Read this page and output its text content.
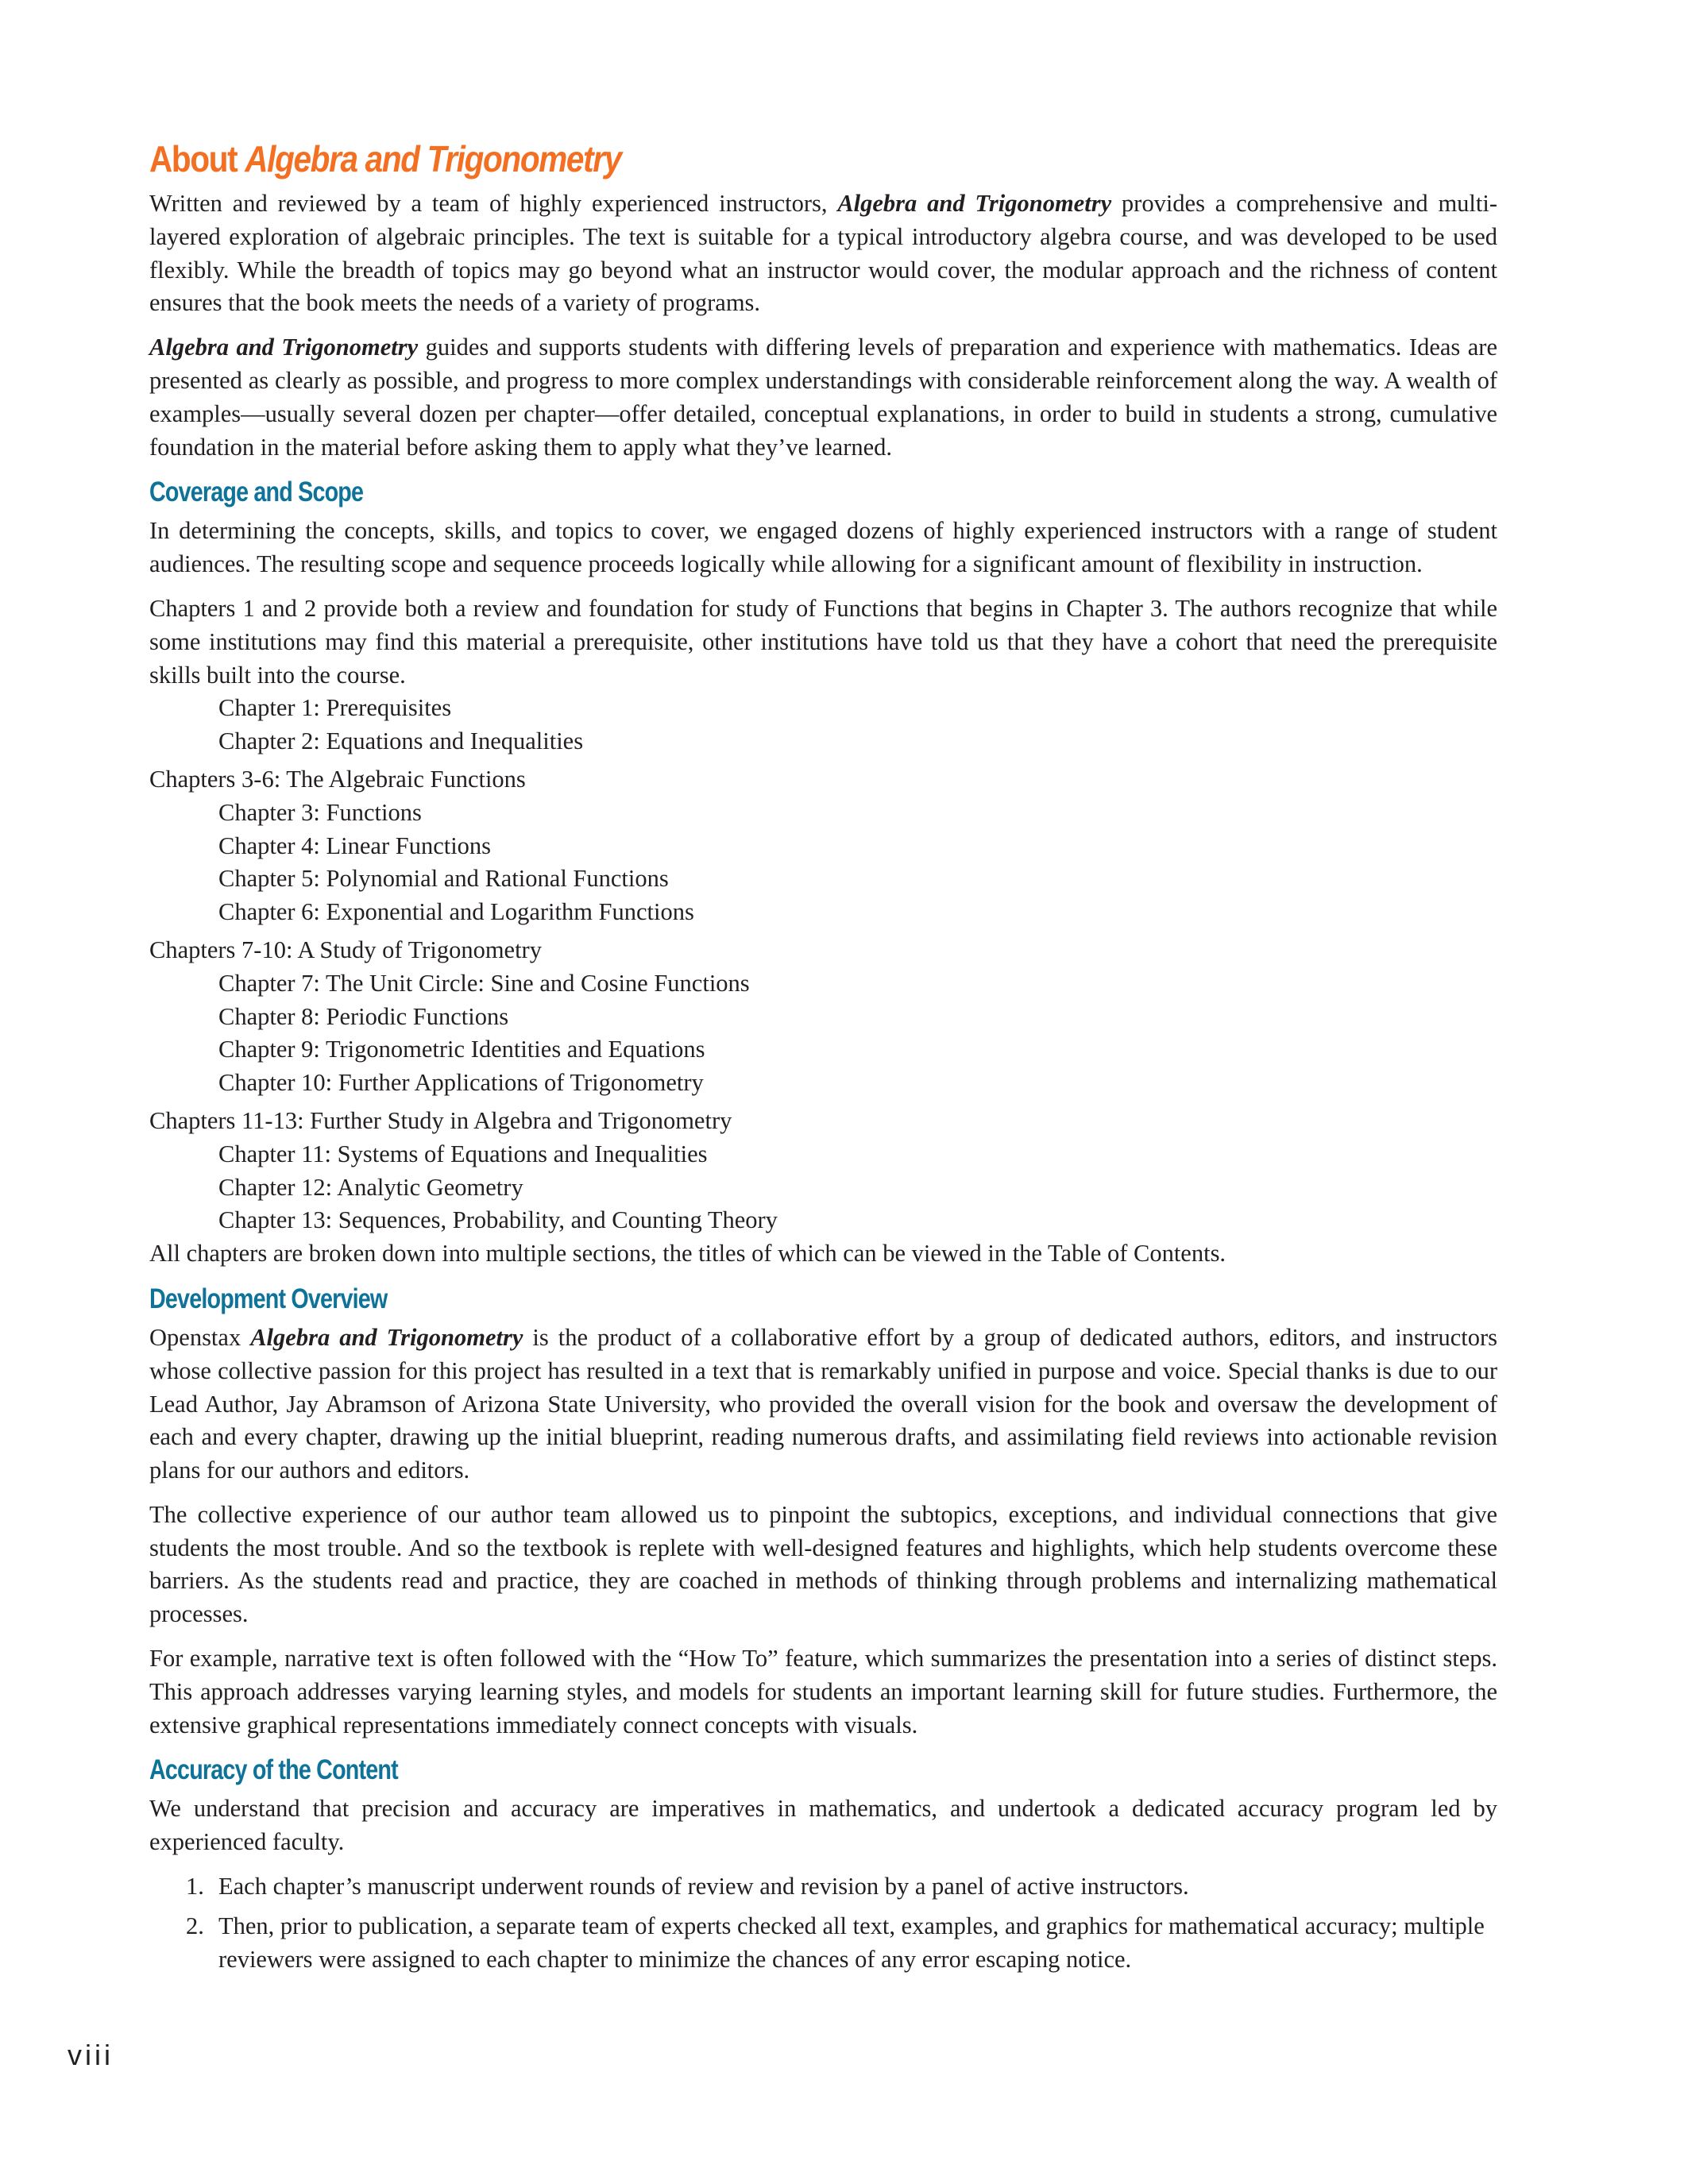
About Algebra and Trigonometry

Written and reviewed by a team of highly experienced instructors, Algebra and Trigonometry provides a comprehensive and multi-layered exploration of algebraic principles. The text is suitable for a typical introductory algebra course, and was developed to be used flexibly. While the breadth of topics may go beyond what an instructor would cover, the modular approach and the richness of content ensures that the book meets the needs of a variety of programs.

Algebra and Trigonometry guides and supports students with differing levels of preparation and experience with mathematics. Ideas are presented as clearly as possible, and progress to more complex understandings with considerable reinforcement along the way. A wealth of examples—usually several dozen per chapter—offer detailed, conceptual explanations, in order to build in students a strong, cumulative foundation in the material before asking them to apply what they’ve learned.

Coverage and Scope

In determining the concepts, skills, and topics to cover, we engaged dozens of highly experienced instructors with a range of student audiences. The resulting scope and sequence proceeds logically while allowing for a significant amount of flexibility in instruction.

Chapters 1 and 2 provide both a review and foundation for study of Functions that begins in Chapter 3. The authors recognize that while some institutions may find this material a prerequisite, other institutions have told us that they have a cohort that need the prerequisite skills built into the course.

Chapter 1: Prerequisites
Chapter 2: Equations and Inequalities
Chapters 3-6: The Algebraic Functions
Chapter 3: Functions
Chapter 4: Linear Functions
Chapter 5: Polynomial and Rational Functions
Chapter 6: Exponential and Logarithm Functions
Chapters 7-10: A Study of Trigonometry
Chapter 7: The Unit Circle: Sine and Cosine Functions
Chapter 8: Periodic Functions
Chapter 9: Trigonometric Identities and Equations
Chapter 10: Further Applications of Trigonometry
Chapters 11-13: Further Study in Algebra and Trigonometry
Chapter 11: Systems of Equations and Inequalities
Chapter 12: Analytic Geometry
Chapter 13: Sequences, Probability, and Counting Theory

All chapters are broken down into multiple sections, the titles of which can be viewed in the Table of Contents.

Development Overview

Openstax Algebra and Trigonometry is the product of a collaborative effort by a group of dedicated authors, editors, and instructors whose collective passion for this project has resulted in a text that is remarkably unified in purpose and voice. Special thanks is due to our Lead Author, Jay Abramson of Arizona State University, who provided the overall vision for the book and oversaw the development of each and every chapter, drawing up the initial blueprint, reading numerous drafts, and assimilating field reviews into actionable revision plans for our authors and editors.

The collective experience of our author team allowed us to pinpoint the subtopics, exceptions, and individual connections that give students the most trouble. And so the textbook is replete with well-designed features and highlights, which help students overcome these barriers. As the students read and practice, they are coached in methods of thinking through problems and internalizing mathematical processes.

For example, narrative text is often followed with the “How To” feature, which summarizes the presentation into a series of distinct steps. This approach addresses varying learning styles, and models for students an important learning skill for future studies. Furthermore, the extensive graphical representations immediately connect concepts with visuals.

Accuracy of the Content

We understand that precision and accuracy are imperatives in mathematics, and undertook a dedicated accuracy program led by experienced faculty.

1. Each chapter’s manuscript underwent rounds of review and revision by a panel of active instructors.
2. Then, prior to publication, a separate team of experts checked all text, examples, and graphics for mathematical accuracy; multiple reviewers were assigned to each chapter to minimize the chances of any error escaping notice.
viii
